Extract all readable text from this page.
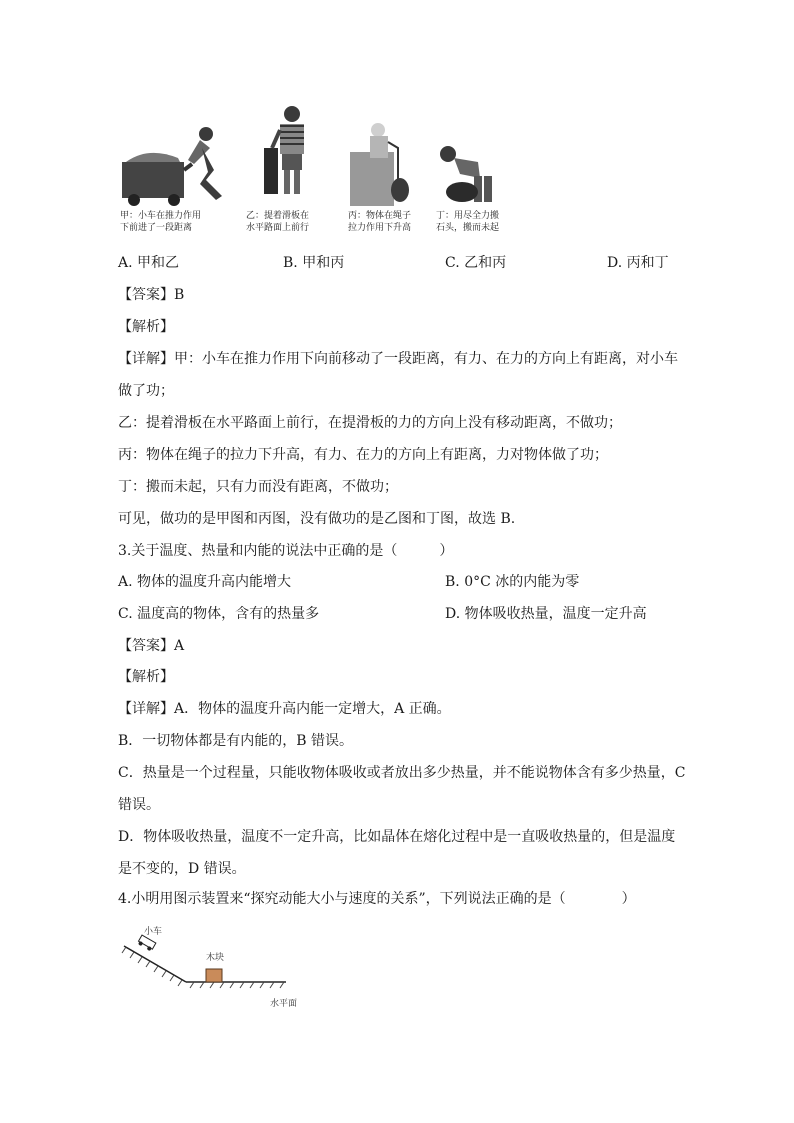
甲：小车在推力作用
下前进了一段距离
乙：提着滑板在
水平路面上前行
丙：物体在绳子
拉力作用下升高
丁：用尽全力搬
石头，搬而未起
A. 甲和乙	B. 甲和丙	C. 乙和丙	D. 丙和丁
【答案】B
【解析】
【详解】甲：小车在推力作用下向前移动了一段距离，有力、在力的方向上有距离，对小车
做了功；
乙：提着滑板在水平路面上前行，在提滑板的力的方向上没有移动距离，不做功；
丙：物体在绳子的拉力下升高，有力、在力的方向上有距离，力对物体做了功；
丁：搬而未起，只有力而没有距离，不做功；
可见，做功的是甲图和丙图，没有做功的是乙图和丁图，故选 B.
3.关于温度、热量和内能的说法中正确的是（　　　）
A. 物体的温度升高内能增大	B. 0°C 冰的内能为零
C. 温度高的物体，含有的热量多	D. 物体吸收热量，温度一定升高
【答案】A
【解析】
【详解】A．物体的温度升高内能一定增大，A 正确。
B．一切物体都是有内能的，B 错误。
C．热量是一个过程量，只能收物体吸收或者放出多少热量，并不能说物体含有多少热量，C
错误。
D．物体吸收热量，温度不一定升高，比如晶体在熔化过程中是一直吸收热量的，但是温度
是不变的，D 错误。
4.小明用图示装置来“探究动能大小与速度的关系”，下列说法正确的是（　　　　）
小车
木块
水平面
